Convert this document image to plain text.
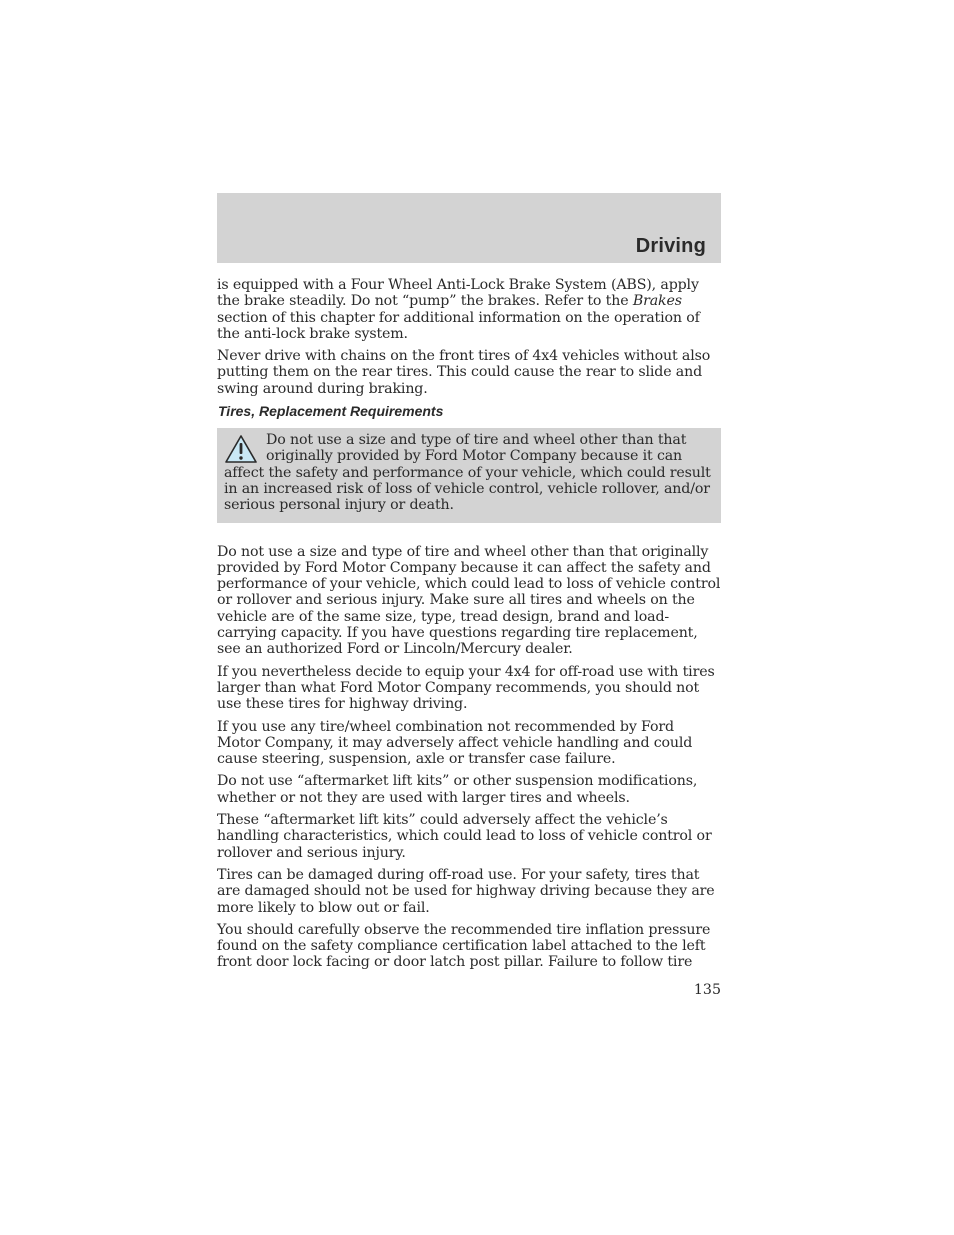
Driving

is equipped with a Four Wheel Anti-Lock Brake System (ABS), apply the brake steadily. Do not “pump” the brakes. Refer to the Brakes section of this chapter for additional information on the operation of the anti-lock brake system.

Never drive with chains on the front tires of 4x4 vehicles without also putting them on the rear tires. This could cause the rear to slide and swing around during braking.

Tires, Replacement Requirements
Do not use a size and type of tire and wheel other than that originally provided by Ford Motor Company because it can affect the safety and performance of your vehicle, which could result in an increased risk of loss of vehicle control, vehicle rollover, and/or serious personal injury or death.

Do not use a size and type of tire and wheel other than that originally provided by Ford Motor Company because it can affect the safety and performance of your vehicle, which could lead to loss of vehicle control or rollover and serious injury. Make sure all tires and wheels on the vehicle are of the same size, type, tread design, brand and load-carrying capacity. If you have questions regarding tire replacement, see an authorized Ford or Lincoln/Mercury dealer.

If you nevertheless decide to equip your 4x4 for off-road use with tires larger than what Ford Motor Company recommends, you should not use these tires for highway driving.

If you use any tire/wheel combination not recommended by Ford Motor Company, it may adversely affect vehicle handling and could cause steering, suspension, axle or transfer case failure.

Do not use “aftermarket lift kits” or other suspension modifications, whether or not they are used with larger tires and wheels.

These “aftermarket lift kits” could adversely affect the vehicle’s handling characteristics, which could lead to loss of vehicle control or rollover and serious injury.

Tires can be damaged during off-road use. For your safety, tires that are damaged should not be used for highway driving because they are more likely to blow out or fail.

You should carefully observe the recommended tire inflation pressure found on the safety compliance certification label attached to the left front door lock facing or door latch post pillar. Failure to follow tire

135
